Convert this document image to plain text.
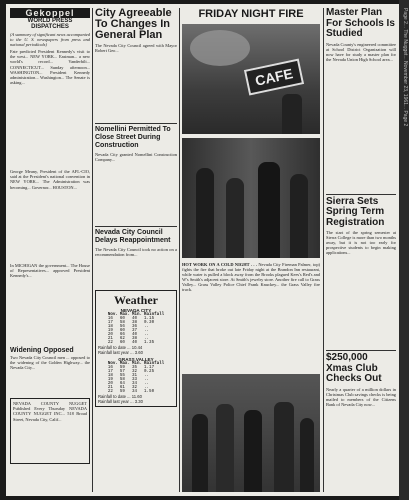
Gekoppel
WORLD PRESS DISPATCHES
(A summary of significant news accompanied to the U. S. newspapers from press and national periodicals)
Fate predicted President Kennedy's visit to the west... NEW YORK... Eastman... a new world's record... Vanderbilt... CONNECTICUT... Sunday afternoon... WASHINGTON... President Kennedy administration... Washington... The Senate is asking...
George Meany, President of the AFL-CIO, said at the President's national convention in NEW YORK... The Administration was becoming... Governor... HOUSTON...
In MICHIGAN the government... The House of Representatives... approved President Kennedy's...
Widening Opposed
Two Nevada City Council men ... opposed to the widening of the Golden Highway... the Nevada City...
NEVADA COUNTY NUGGET Published Every Thursday NEVADA COUNTY NUGGET INC... 518 Broad Street, Nevada City, Calif...
City Agreeable To Changes In General Plan
The Nevada City Council agreed with Mayor Robert Geo...
Nomellini Permitted To Close Street During Construction
Nevada City granted Nomellini Construction Company...
Nevada City Council Delays Reappointment
The Nevada City Council took no action on a recommendation from...
Weather
NEVADA CITY
Nov.	Max.	Min.	Rainfall
16	60	40	1.15
17	58	38	0.30
18	56	36	..
19	60	37	..
20	66	40	..
21	62	38	..
22	60	40	1.35
Rainfall to date ... 10.44
Rainfall last year ... 3.60
GRASS VALLEY
Nov.	Max.	Min.	Rainfall
16	59	35	1.17
17	57	32	0.25
18	55	31	..
19	58	33	..
20	64	34	..
21	61	32	..
22	59	34	1.50
Rainfall to date ... 11.60
Rainfall last year ... 3.30
FRIDAY NIGHT FIRE
CAFE
HOT WORK ON A COLD NIGHT . . . Nevada City Fireman Palmer, top) fights the fire that broke out late Friday night at the Brandon Inn restaurant, while water is pulled a block away from the Brooks plagued Kees's Red's and W's Smith's adjacent store. At Smith's jewelry store. Another fire call to Grass Valley... Grass Valley Police Chief Frank Knuckey... the Grass Valley fire truck.
Master Plan For Schools Is Studied
Nevada County's engineered committee at School District Organization will now have for study a master plan for the Nevada Union High School area...
Sierra Sets Spring Term Registration
The start of the spring semester at Sierra College is more than two months away, but it is not too early for prospective students to begin making applications...
$250,000 Xmas Club Checks Out
Nearly a quarter of a million dollars in Christmas Club savings checks is being mailed to members of the Citizens Bank of Nevada City now...
Page 2... The Nugget... November 23, 1961... Page 2
